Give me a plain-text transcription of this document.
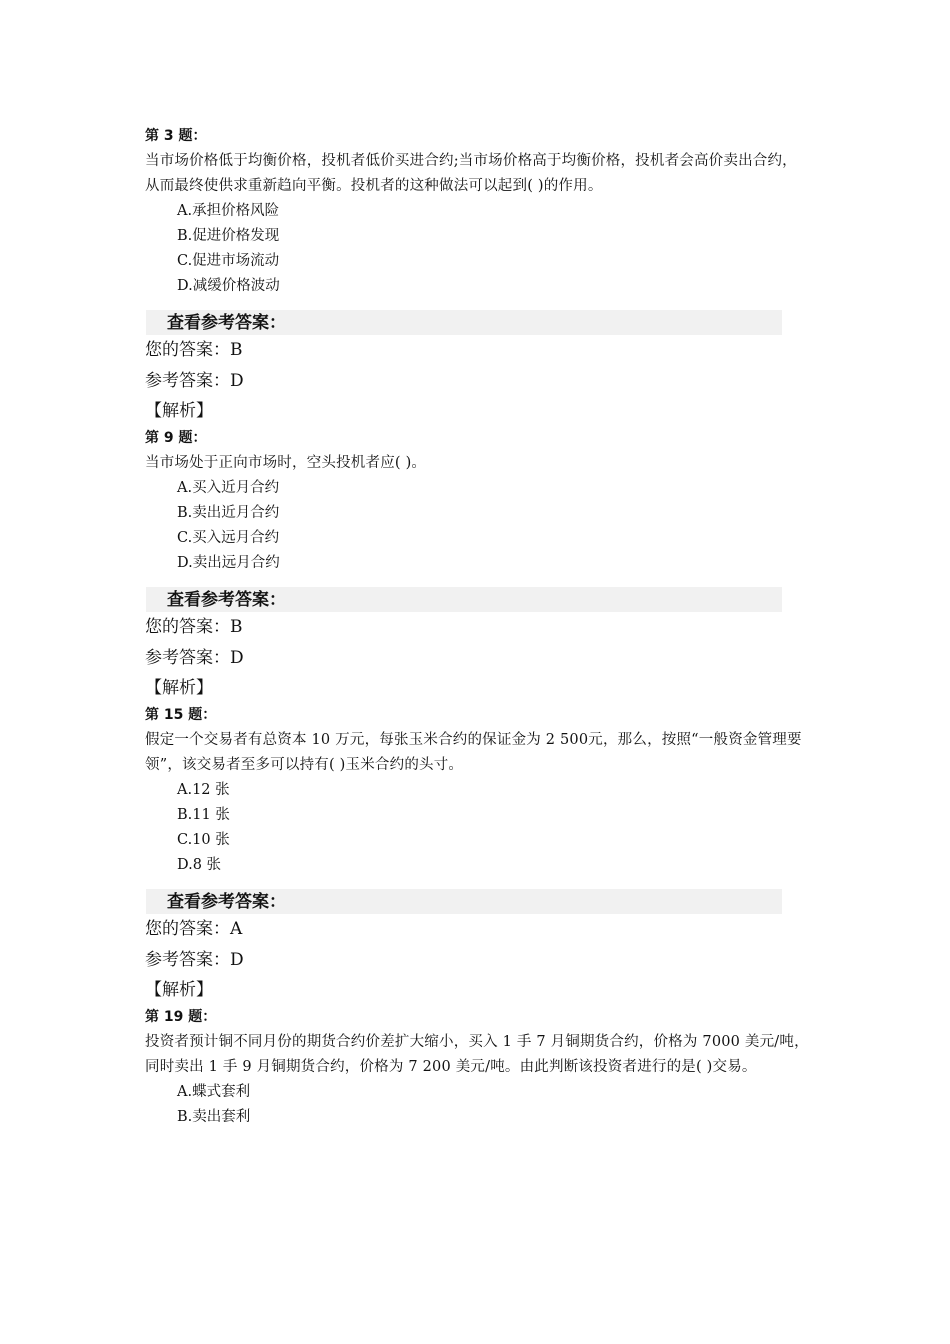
第 3 题：
当市场价格低于均衡价格，投机者低价买进合约;当市场价格高于均衡价格，投机者会高价卖出合约，从而最终使供求重新趋向平衡。投机者的这种做法可以起到( )的作用。
A.承担价格风险
B.促进价格发现
C.促进市场流动
D.减缓价格波动
查看参考答案：
您的答案：B
参考答案：D
【解析】
第 9 题：
当市场处于正向市场时，空头投机者应( )。
A.买入近月合约
B.卖出近月合约
C.买入远月合约
D.卖出远月合约
查看参考答案：
您的答案：B
参考答案：D
【解析】
第 15 题：
假定一个交易者有总资本 10 万元，每张玉米合约的保证金为 2 500元，那么，按照“一般资金管理要领”，该交易者至多可以持有( )玉米合约的头寸。
A.12 张
B.11 张
C.10 张
D.8 张
查看参考答案：
您的答案：A
参考答案：D
【解析】
第 19 题：
投资者预计铜不同月份的期货合约价差扩大缩小，买入 1 手 7 月铜期货合约，价格为 7000 美元/吨，同时卖出 1 手 9 月铜期货合约，价格为 7 200 美元/吨。由此判断该投资者进行的是( )交易。
A.蝶式套利
B.卖出套利
